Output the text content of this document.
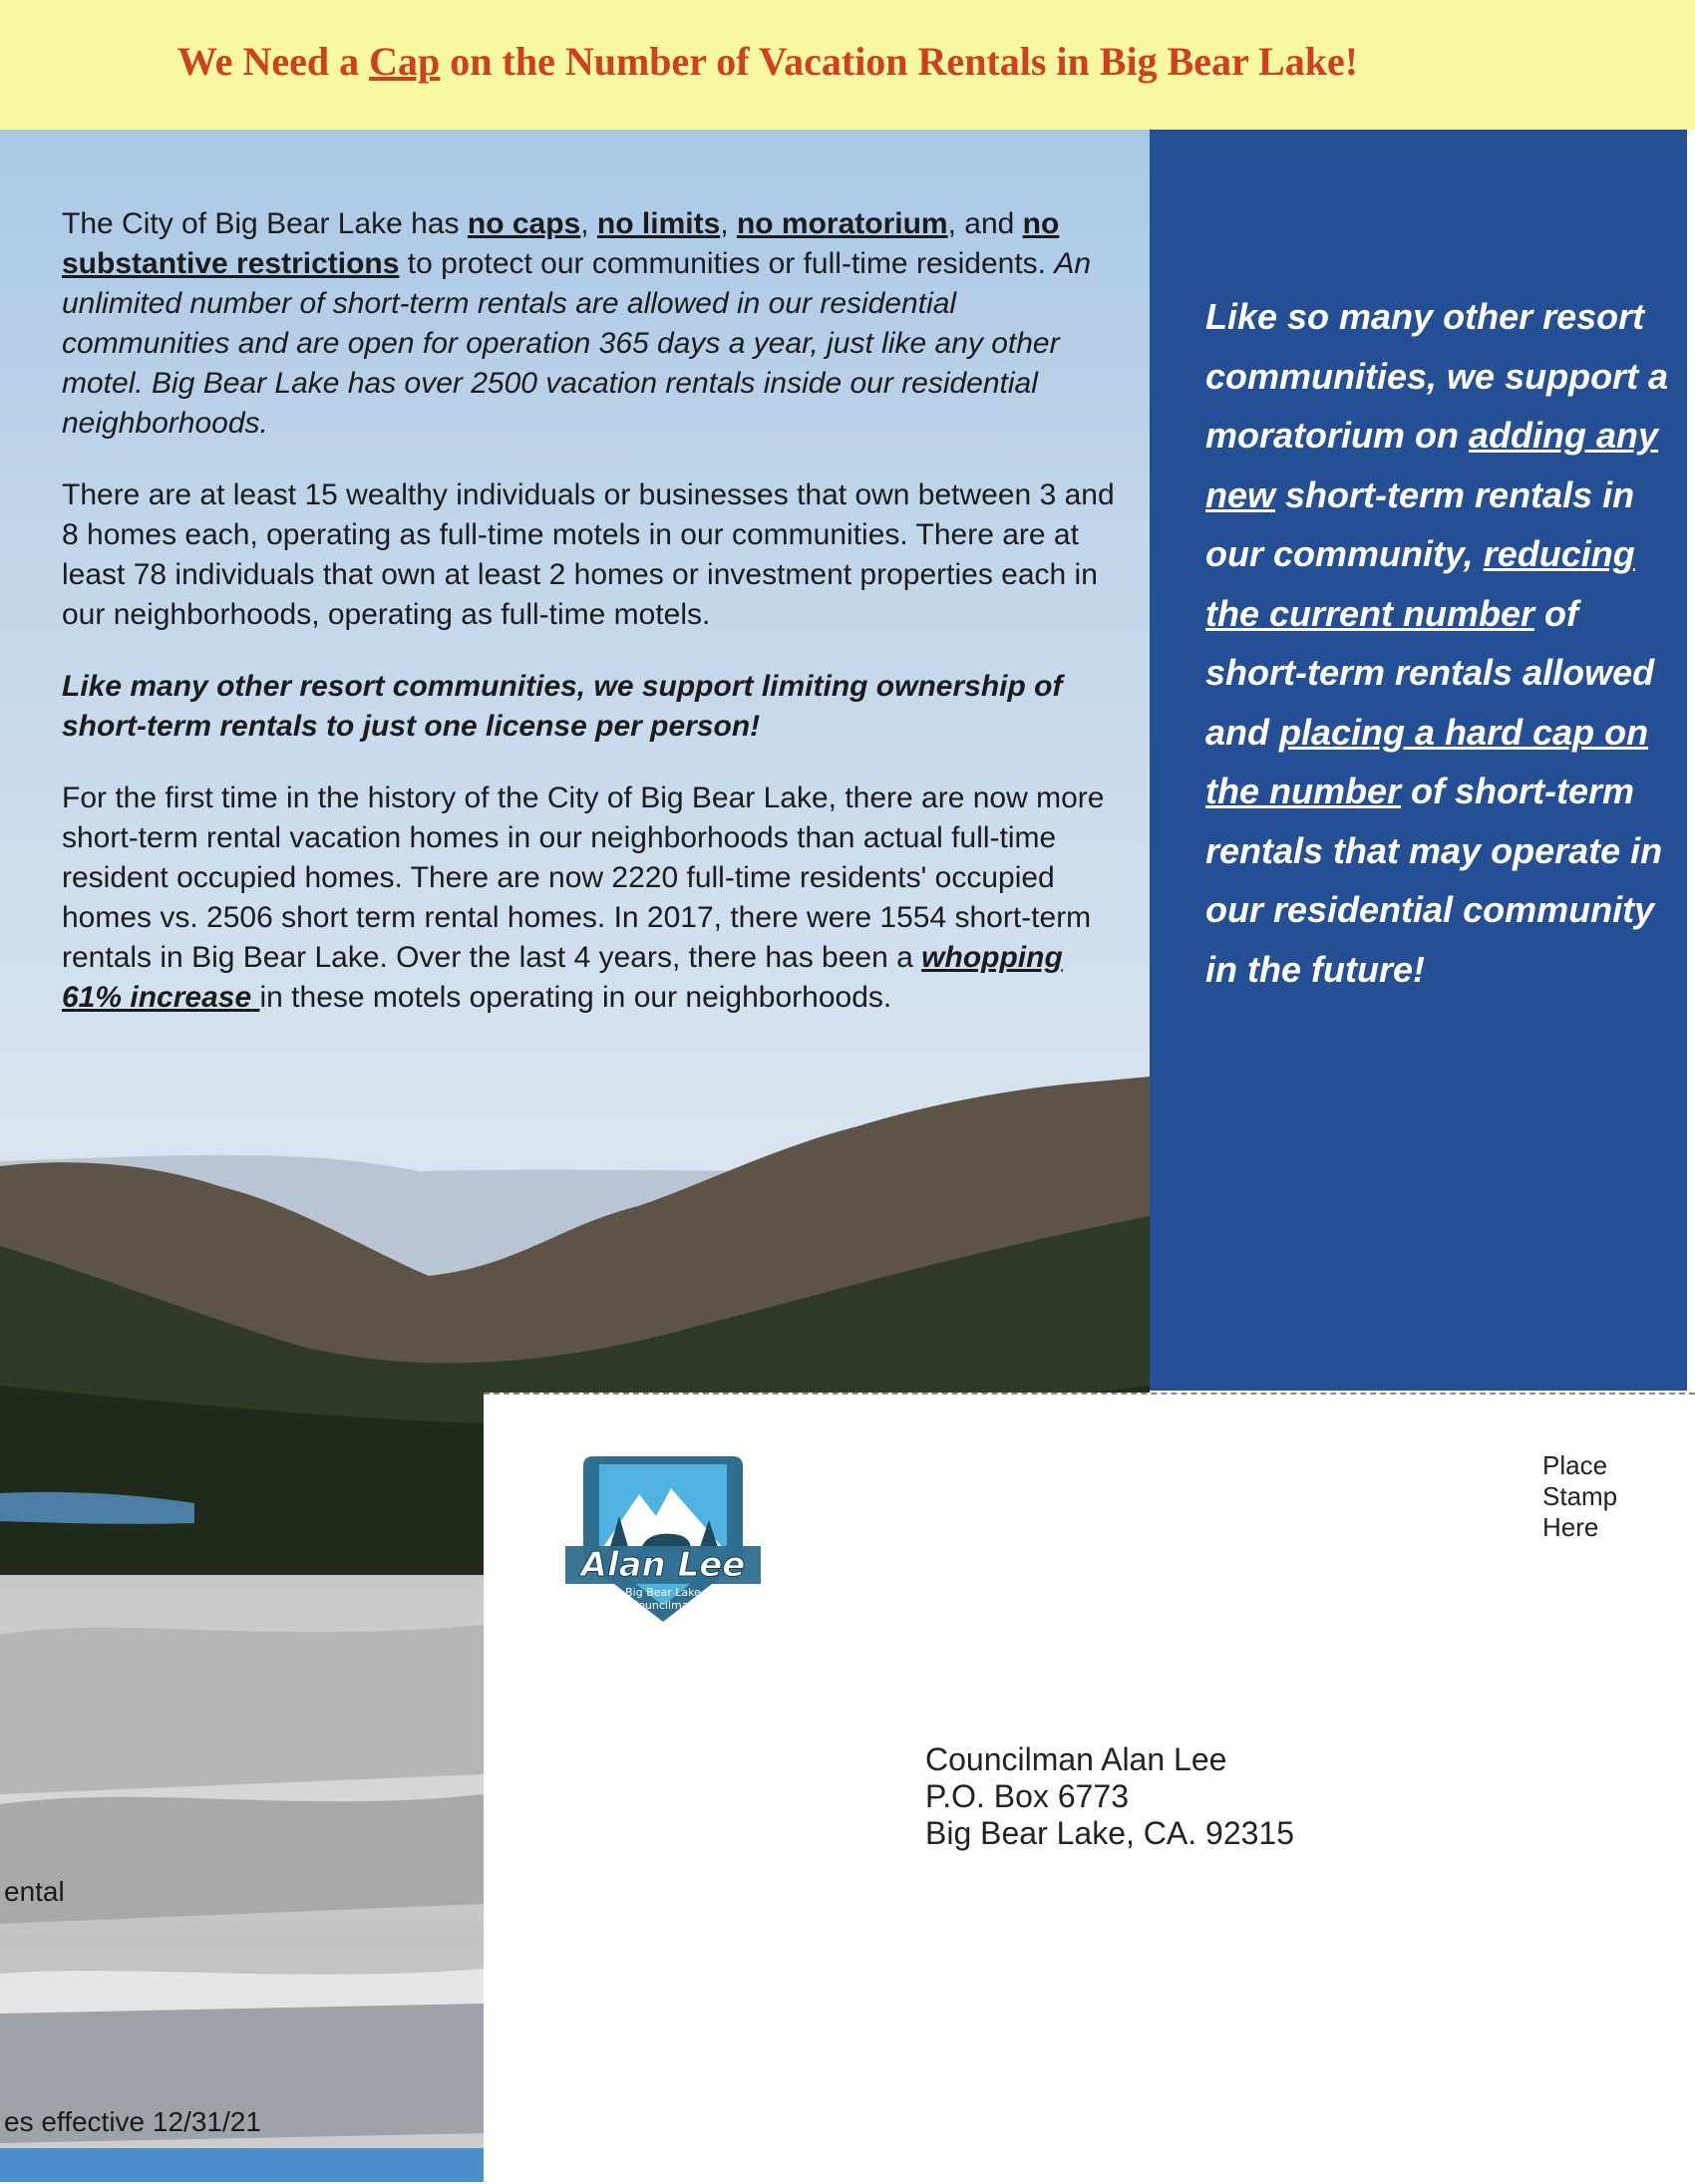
We Need a Cap on the Number of Vacation Rentals in Big Bear Lake!

The City of Big Bear Lake has no caps, no limits, no moratorium, and no substantive restrictions to protect our communities or full-time residents. An unlimited number of short-term rentals are allowed in our residential communities and are open for operation 365 days a year, just like any other motel. Big Bear Lake has over 2500 vacation rentals inside our residential neighborhoods.

There are at least 15 wealthy individuals or businesses that own between 3 and 8 homes each, operating as full-time motels in our communities. There are at least 78 individuals that own at least 2 homes or investment properties each in our neighborhoods, operating as full-time motels.

Like many other resort communities, we support limiting ownership of short-term rentals to just one license per person!

For the first time in the history of the City of Big Bear Lake, there are now more short-term rental vacation homes in our neighborhoods than actual full-time resident occupied homes. There are now 2220 full-time residents' occupied homes vs. 2506 short term rental homes. In 2017, there were 1554 short-term rentals in Big Bear Lake. Over the last 4 years, there has been a whopping 61% increase in these motels operating in our neighborhoods.

Like so many other resort communities, we support a moratorium on adding any new short-term rentals in our community, reducing the current number of short-term rentals allowed and placing a hard cap on the number of short-term rentals that may operate in our residential community in the future!
ental
es effective 12/31/21
Alan Lee
Big Bear Lake
Councilman
Place
Stamp
Here
Councilman Alan Lee
P.O. Box 6773
Big Bear Lake, CA. 92315
